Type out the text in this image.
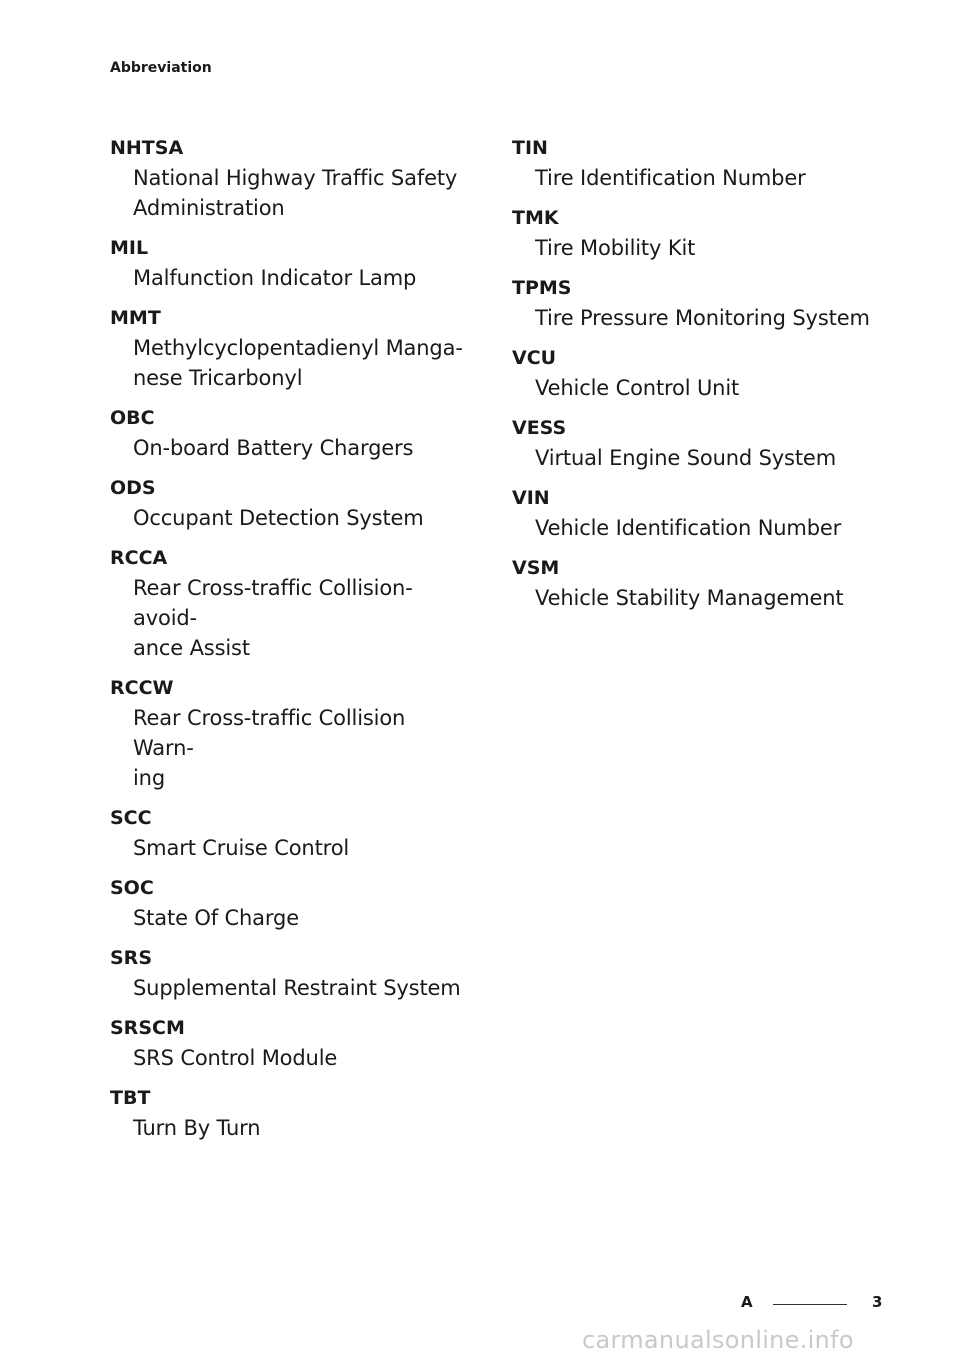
Abbreviation
NHTSA
National Highway Traffic Safety
Administration
MIL
Malfunction Indicator Lamp
MMT
Methylcyclopentadienyl Manga-
nese Tricarbonyl
OBC
On-board Battery Chargers
ODS
Occupant Detection System
RCCA
Rear Cross-traffic Collision-avoid-
ance Assist
RCCW
Rear Cross-traffic Collision Warn-
ing
SCC
Smart Cruise Control
SOC
State Of Charge
SRS
Supplemental Restraint System
SRSCM
SRS Control Module
TBT
Turn By Turn
TIN
Tire Identification Number
TMK
Tire Mobility Kit
TPMS
Tire Pressure Monitoring System
VCU
Vehicle Control Unit
VESS
Virtual Engine Sound System
VIN
Vehicle Identification Number
VSM
Vehicle Stability Management
A	3
carmanualsonline.info
